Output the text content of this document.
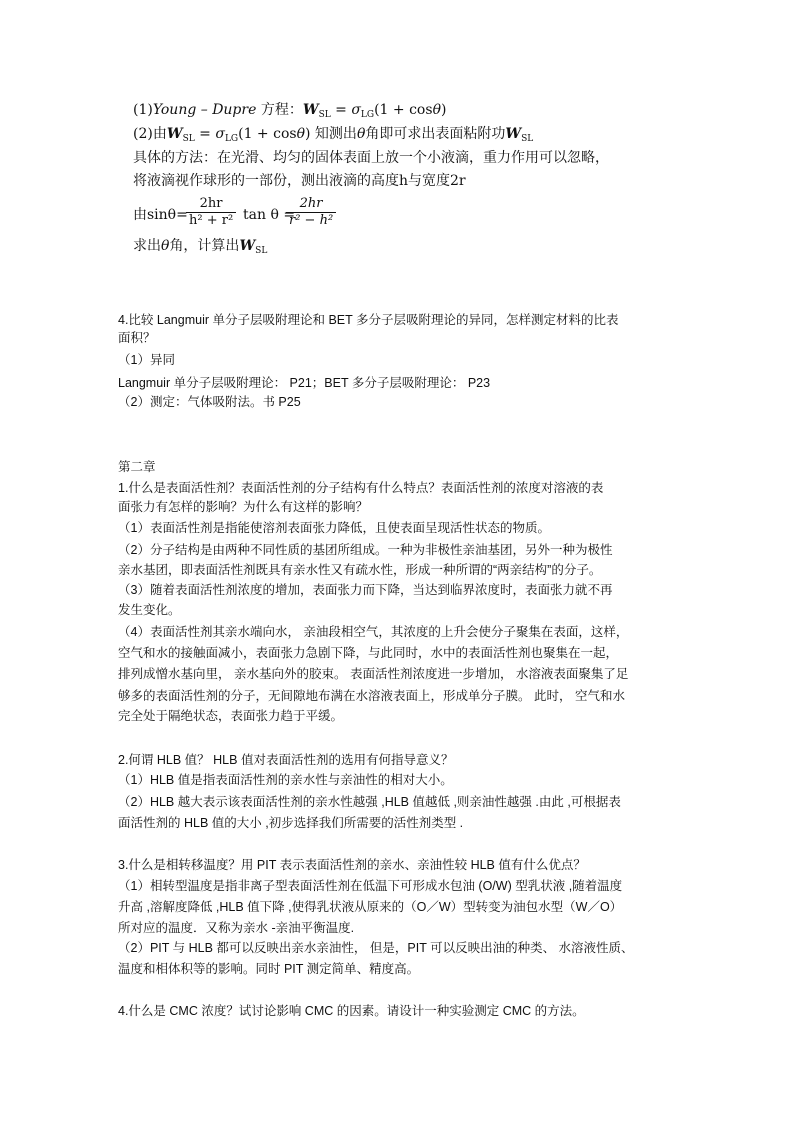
(1)Young – Dupre 方程：$W_{SL} = \sigma_{LG}(1 + \cos\theta)$
(2)由$W_{SL} = \sigma_{LG}(1 + \cos\theta)$ 知测出θ角即可求出表面粘附功$W_{SL}$
具体的方法：在光滑、均匀的固体表面上放一个小液滴，重力作用可以忽略，
将液滴视作球形的一部份，测出液滴的高度h与宽度2r
由sinθ=
2hr
h² + r² tan θ =
2hr
r² − h²
求出θ角，计算出$W_{SL}$
4.比较 Langmuir 单分子层吸附理论和 BET 多分子层吸附理论的异同，怎样测定材料的比表
面积？
（1）异同
Langmuir 单分子层吸附理论： P21；BET 多分子层吸附理论： P23
（2）测定：气体吸附法。书 P25
第二章
1.什么是表面活性剂？表面活性剂的分子结构有什么特点？表面活性剂的浓度对溶液的表
面张力有怎样的影响？为什么有这样的影响？
（1）表面活性剂是指能使溶剂表面张力降低，且使表面呈现活性状态的物质。
（2）分子结构是由两种不同性质的基团所组成。一种为非极性亲油基团，另外一种为极性
亲水基团，即表面活性剂既具有亲水性又有疏水性，形成一种所谓的“两亲结构”的分子。
（3）随着表面活性剂浓度的增加，表面张力而下降，当达到临界浓度时，表面张力就不再
发生变化。
（4）表面活性剂其亲水端向水， 亲油段相空气，其浓度的上升会使分子聚集在表面，这样，
空气和水的接触面减小，表面张力急剧下降，与此同时，水中的表面活性剂也聚集在一起，
排列成憎水基向里， 亲水基向外的胶束。 表面活性剂浓度进一步增加， 水溶液表面聚集了足
够多的表面活性剂的分子，无间隙地布满在水溶液表面上，形成单分子膜。 此时， 空气和水
完全处于隔绝状态，表面张力趋于平缓。
2.何谓 HLB 值？ HLB 值对表面活性剂的选用有何指导意义？
（1）HLB 值是指表面活性剂的亲水性与亲油性的相对大小。
（2）HLB 越大表示该表面活性剂的亲水性越强 ,HLB 值越低 ,则亲油性越强 .由此 ,可根据表
面活性剂的 HLB 值的大小 ,初步选择我们所需要的活性剂类型 .
3.什么是相转移温度？用 PIT 表示表面活性剂的亲水、亲油性较 HLB 值有什么优点？
（1）相转型温度是指非离子型表面活性剂在低温下可形成水包油 (O/W) 型乳状液 ,随着温度
升高 ,溶解度降低 ,HLB 值下降 ,使得乳状液从原来的（O／W）型转变为油包水型（W／O）
所对应的温度．又称为亲水 -亲油平衡温度.
（2）PIT 与 HLB 都可以反映出亲水亲油性， 但是，PIT 可以反映出油的种类、 水溶液性质、
温度和相体积等的影响。同时 PIT 测定简单、精度高。
4.什么是 CMC 浓度？试讨论影响 CMC 的因素。请设计一种实验测定 CMC 的方法。
